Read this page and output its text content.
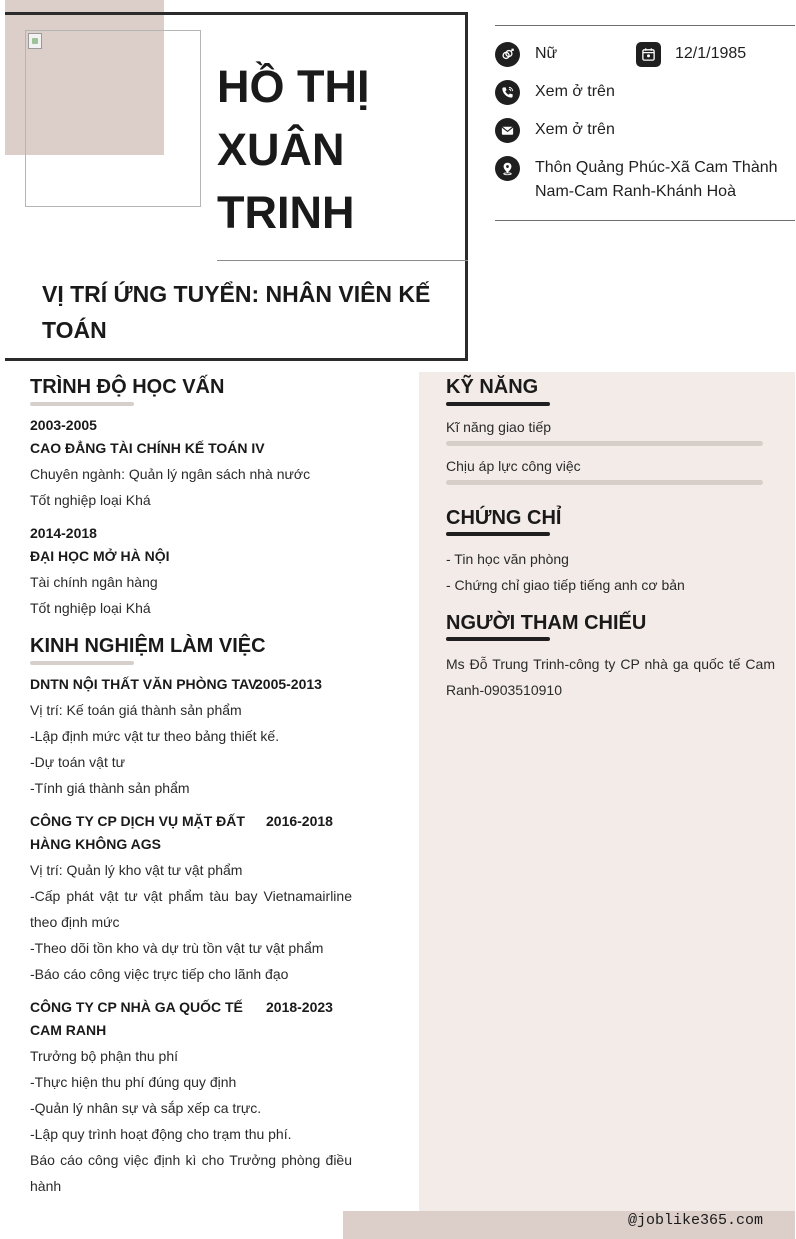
HỒ THỊ XUÂN TRINH
VỊ TRÍ ỨNG TUYỂN: NHÂN VIÊN KẾ TOÁN
Nữ	12/1/1985
Xem ở trên
Xem ở trên
Thôn Quảng Phúc-Xã Cam Thành Nam-Cam Ranh-Khánh Hoà
KỸ NĂNG
Kĩ năng giao tiếp
Chịu áp lực công việc
CHỨNG CHỈ
- Tin học văn phòng
- Chứng chỉ giao tiếp tiếng anh cơ bản
NGƯỜI THAM CHIẾU
Ms Đỗ Trung Trinh-công ty CP nhà ga quốc tế Cam Ranh-0903510910
TRÌNH ĐỘ HỌC VẤN
2003-2005
CAO ĐẲNG TÀI CHÍNH KẾ TOÁN IV
Chuyên ngành: Quản lý ngân sách nhà nước
Tốt nghiệp loại Khá
2014-2018
ĐẠI HỌC MỞ HÀ NỘI
Tài chính ngân hàng
Tốt nghiệp loại Khá
KINH NGHIỆM LÀM VIỆC
DNTN NỘI THẤT VĂN PHÒNG TAV
2005-2013
Vị trí: Kế toán giá thành sản phẩm
-Lập định mức vật tư theo bảng thiết kế.
-Dự toán vật tư
-Tính giá thành sản phẩm
CÔNG TY CP DỊCH VỤ MẶT ĐẤT HÀNG KHÔNG AGS
2016-2018
Vị trí: Quản lý kho vật tư vật phẩm
-Cấp phát vật tư vật phẩm tàu bay Vietnamairline theo định mức
-Theo dõi tồn kho và dự trù tồn vật tư vật phẩm
-Báo cáo công việc trực tiếp cho lãnh đạo
CÔNG TY CP NHÀ GA QUỐC TẾ CAM RANH
2018-2023
Trưởng bộ phận thu phí
-Thực hiện thu phí đúng quy định
-Quản lý nhân sự và sắp xếp ca trực.
-Lập quy trình hoạt động cho trạm thu phí.
Báo cáo công việc định kì cho Trưởng phòng điều hành
@joblike365.com
